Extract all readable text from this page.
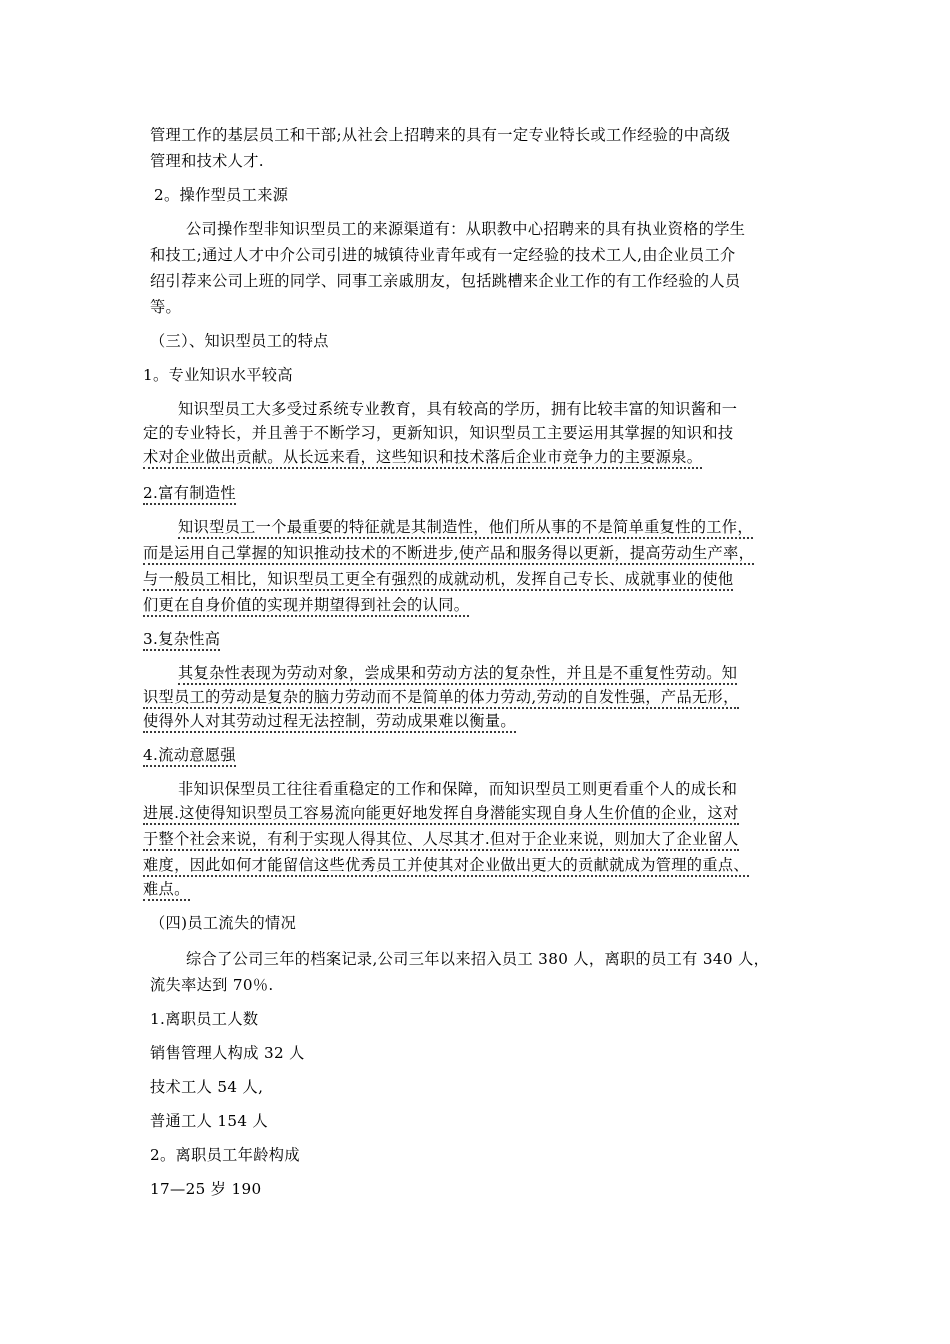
管理工作的基层员工和干部;从社会上招聘来的具有一定专业特长或工作经验的中高级

管理和技术人才.

2。操作型员工来源

公司操作型非知识型员工的来源渠道有：从职教中心招聘来的具有执业资格的学生

和技工;通过人才中介公司引进的城镇待业青年或有一定经验的技术工人,由企业员工介

绍引荐来公司上班的同学、同事工亲戚朋友，包括跳槽来企业工作的有工作经验的人员

等。

（三）、知识型员工的特点

1。专业知识水平较高

知识型员工大多受过系统专业教育，具有较高的学历，拥有比较丰富的知识酱和一

定的专业特长，并且善于不断学习，更新知识，知识型员工主要运用其掌握的知识和技

术对企业做出贡献。从长远来看，这些知识和技术落后企业市竞争力的主要源泉。

2.富有制造性

知识型员工一个最重要的特征就是其制造性，他们所从事的不是简单重复性的工作，

而是运用自己掌握的知识推动技术的不断进步,使产品和服务得以更新，提高劳动生产率，

与一般员工相比，知识型员工更全有强烈的成就动机，发挥自己专长、成就事业的使他

们更在自身价值的实现并期望得到社会的认同。

3.复杂性高

其复杂性表现为劳动对象，尝成果和劳动方法的复杂性，并且是不重复性劳动。知

识型员工的劳动是复杂的脑力劳动而不是简单的体力劳动,劳动的自发性强，产品无形，

使得外人对其劳动过程无法控制，劳动成果难以衡量。

4.流动意愿强

非知识保型员工往往看重稳定的工作和保障，而知识型员工则更看重个人的成长和

进展.这使得知识型员工容易流向能更好地发挥自身潜能实现自身人生价值的企业，这对

于整个社会来说，有利于实现人得其位、人尽其才.但对于企业来说，则加大了企业留人

难度，因此如何才能留信这些优秀员工并使其对企业做出更大的贡献就成为管理的重点、

难点。

（四)员工流失的情况

综合了公司三年的档案记录,公司三年以来招入员工 380 人，离职的员工有 340 人，

流失率达到 70％.

1.离职员工人数

销售管理人构成 32 人

技术工人 54 人,

普通工人 154 人

2。离职员工年龄构成

17—25 岁 190
